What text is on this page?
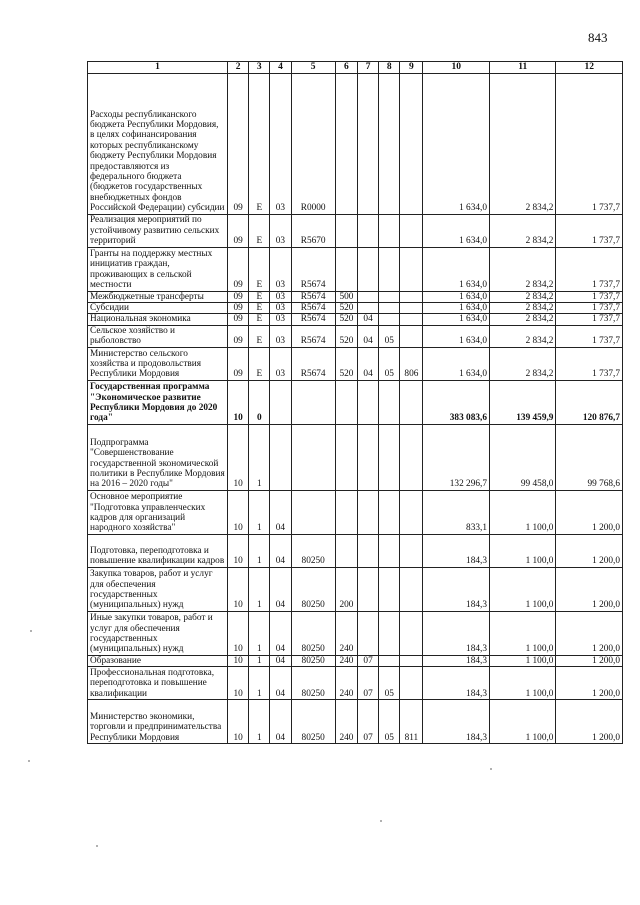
843
1	2	3	4	5	6	7	8	9	10	11	12
Расходы республиканского бюджета Республики Мордовия, в целях софинансирования которых республиканскому бюджету Республики Мордовия предоставляются из федерального бюджета (бюджетов государственных внебюджетных фондов Российской Федерации) субсидии	09	Е	03	R0000					1 634,0	2 834,2	1 737,7
Реализация мероприятий по устойчивому развитию сельских территорий	09	Е	03	R5670					1 634,0	2 834,2	1 737,7
Гранты на поддержку местных инициатив граждан, проживающих в сельской местности	09	Е	03	R5674					1 634,0	2 834,2	1 737,7
Межбюджетные трансферты	09	Е	03	R5674	500				1 634,0	2 834,2	1 737,7
Субсидии	09	Е	03	R5674	520				1 634,0	2 834,2	1 737,7
Национальная экономика	09	Е	03	R5674	520	04			1 634,0	2 834,2	1 737,7
Сельское хозяйство и рыболовство	09	Е	03	R5674	520	04	05		1 634,0	2 834,2	1 737,7
Министерство сельского хозяйства и продовольствия Республики Мордовия	09	Е	03	R5674	520	04	05	806	1 634,0	2 834,2	1 737,7
Государственная программа "Экономическое развитие Республики Мордовия до 2020 года"	10	0							383 083,6	139 459,9	120 876,7
Подпрограмма "Совершенствование государственной экономической политики в Республике Мордовия на 2016 – 2020 годы"	10	1							132 296,7	99 458,0	99 768,6
Основное мероприятие "Подготовка управленческих кадров для организаций народного хозяйства"	10	1	04						833,1	1 100,0	1 200,0
Подготовка, переподготовка и повышение квалификации кадров	10	1	04	80250					184,3	1 100,0	1 200,0
Закупка товаров, работ и услуг для обеспечения государственных (муниципальных) нужд	10	1	04	80250	200				184,3	1 100,0	1 200,0
Иные закупки товаров, работ и услуг для обеспечения государственных (муниципальных) нужд	10	1	04	80250	240				184,3	1 100,0	1 200,0
Образование	10	1	04	80250	240	07			184,3	1 100,0	1 200,0
Профессиональная подготовка, переподготовка и повышение квалификации	10	1	04	80250	240	07	05		184,3	1 100,0	1 200,0
Министерство экономики, торговли и предпринимательства Республики Мордовия	10	1	04	80250	240	07	05	811	184,3	1 100,0	1 200,0
